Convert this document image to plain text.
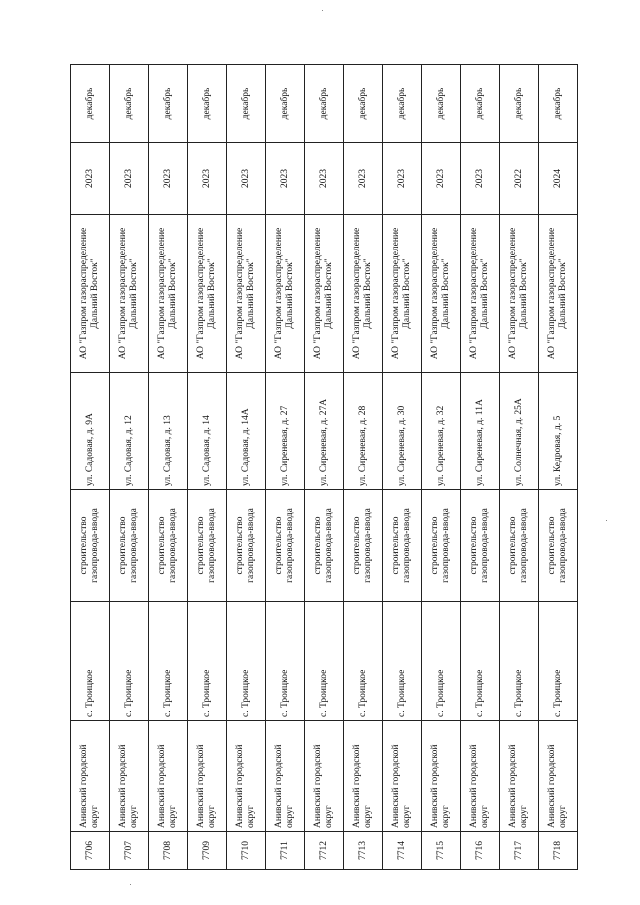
7706	Анивский городской округ	с. Троицкое	строительство газопровода-ввода	ул. Садовая, д. 9А	АО "Газпром газораспределение Дальний Восток"	2023	декабрь
7707	Анивский городской округ	с. Троицкое	строительство газопровода-ввода	ул. Садовая, д. 12	АО "Газпром газораспределение Дальний Восток"	2023	декабрь
7708	Анивский городской округ	с. Троицкое	строительство газопровода-ввода	ул. Садовая, д. 13	АО "Газпром газораспределение Дальний Восток"	2023	декабрь
7709	Анивский городской округ	с. Троицкое	строительство газопровода-ввода	ул. Садовая, д. 14	АО "Газпром газораспределение Дальний Восток"	2023	декабрь
7710	Анивский городской округ	с. Троицкое	строительство газопровода-ввода	ул. Садовая, д. 14А	АО "Газпром газораспределение Дальний Восток"	2023	декабрь
7711	Анивский городской округ	с. Троицкое	строительство газопровода-ввода	ул. Сиреневая, д. 27	АО "Газпром газораспределение Дальний Восток"	2023	декабрь
7712	Анивский городской округ	с. Троицкое	строительство газопровода-ввода	ул. Сиреневая, д. 27А	АО "Газпром газораспределение Дальний Восток"	2023	декабрь
7713	Анивский городской округ	с. Троицкое	строительство газопровода-ввода	ул. Сиреневая, д. 28	АО "Газпром газораспределение Дальний Восток"	2023	декабрь
7714	Анивский городской округ	с. Троицкое	строительство газопровода-ввода	ул. Сиреневая, д. 30	АО "Газпром газораспределение Дальний Восток"	2023	декабрь
7715	Анивский городской округ	с. Троицкое	строительство газопровода-ввода	ул. Сиреневая, д. 32	АО "Газпром газораспределение Дальний Восток"	2023	декабрь
7716	Анивский городской округ	с. Троицкое	строительство газопровода-ввода	ул. Сиреневая, д. 11А	АО "Газпром газораспределение Дальний Восток"	2023	декабрь
7717	Анивский городской округ	с. Троицкое	строительство газопровода-ввода	ул. Солнечная, д. 25А	АО "Газпром газораспределение Дальний Восток"	2022	декабрь
7718	Анивский городской округ	с. Троицкое	строительство газопровода-ввода	ул. Кедровая, д. 5	АО "Газпром газораспределение Дальний Восток"	2024	декабрь
